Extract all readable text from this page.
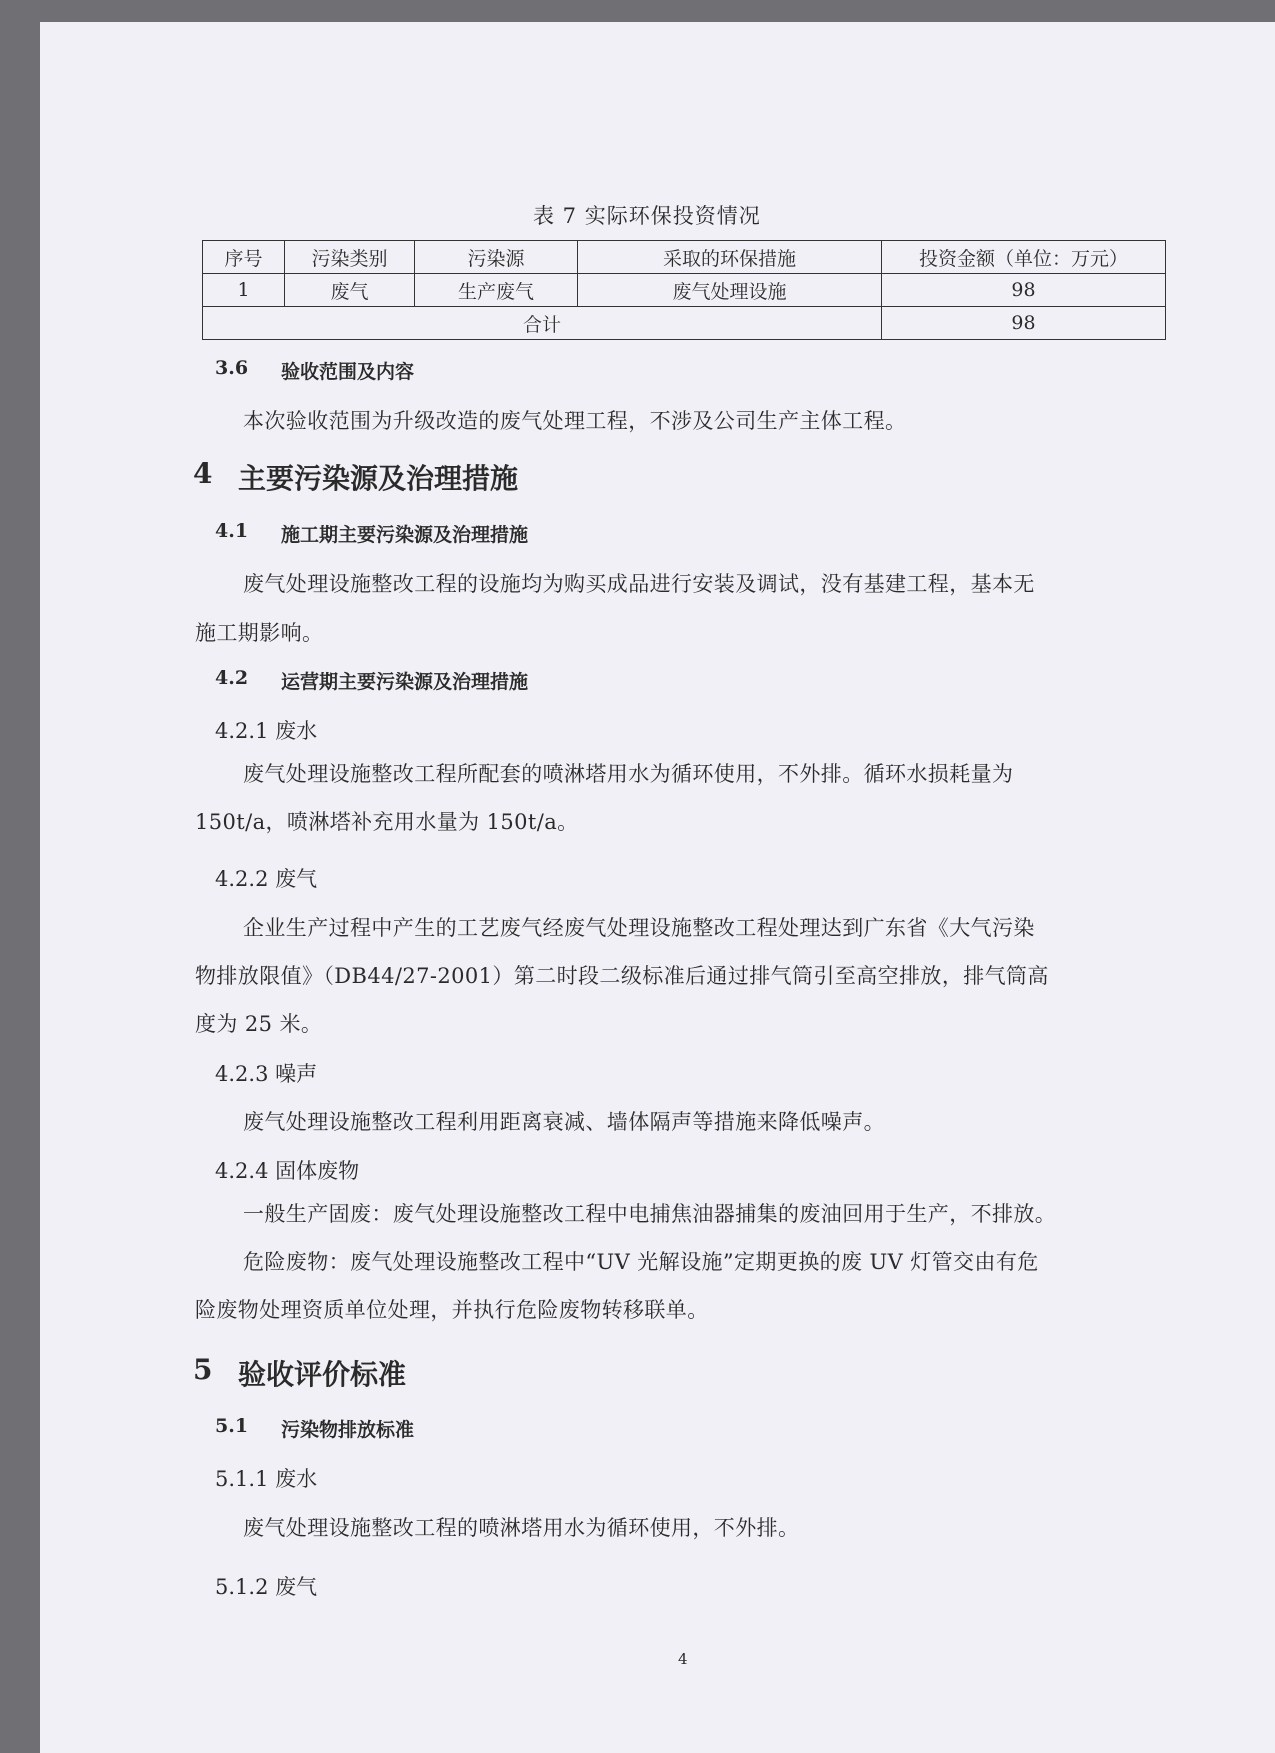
表 7 实际环保投资情况
序号	污染类别	污染源	采取的环保措施	投资金额（单位：万元）
1	废气	生产废气	废气处理设施	98
合计				98
3.6 验收范围及内容
本次验收范围为升级改造的废气处理工程，不涉及公司生产主体工程。
4 主要污染源及治理措施
4.1 施工期主要污染源及治理措施
废气处理设施整改工程的设施均为购买成品进行安装及调试，没有基建工程，基本无
施工期影响。
4.2 运营期主要污染源及治理措施
4.2.1 废水
废气处理设施整改工程所配套的喷淋塔用水为循环使用，不外排。循环水损耗量为
150t/a，喷淋塔补充用水量为 150t/a。
4.2.2 废气
企业生产过程中产生的工艺废气经废气处理设施整改工程处理达到广东省《大气污染
物排放限值》（DB44/27-2001）第二时段二级标准后通过排气筒引至高空排放，排气筒高
度为 25 米。
4.2.3 噪声
废气处理设施整改工程利用距离衰减、墙体隔声等措施来降低噪声。
4.2.4 固体废物
一般生产固废：废气处理设施整改工程中电捕焦油器捕集的废油回用于生产，不排放。
危险废物：废气处理设施整改工程中“UV 光解设施”定期更换的废 UV 灯管交由有危
险废物处理资质单位处理，并执行危险废物转移联单。
5 验收评价标准
5.1 污染物排放标准
5.1.1 废水
废气处理设施整改工程的喷淋塔用水为循环使用，不外排。
5.1.2 废气
4
